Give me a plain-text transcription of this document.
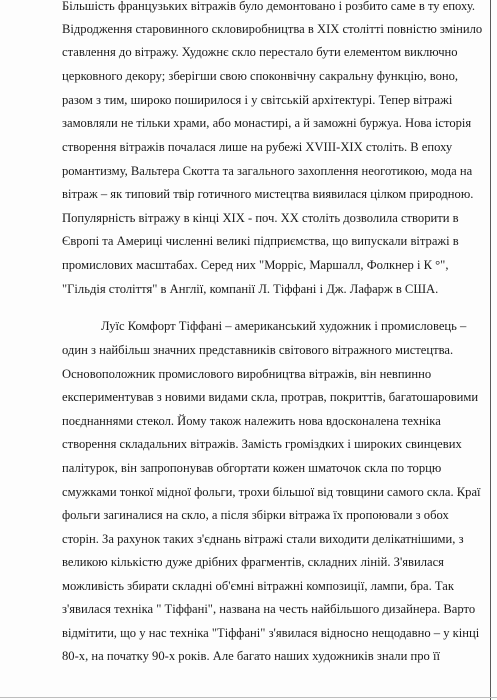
Більшість французьких вітражів було демонтовано і розбито саме в ту епоху.
Відродження старовинного скловиробництва в XIX столітті повністю змінило
ставлення до вітражу. Художнє скло перестало бути елементом виключно
церковного декору; зберігши свою споконвічну сакральну функцію, воно,
разом з тим, широко поширилося і у світській архітектурі. Тепер вітражі
замовляли не тільки храми, або монастирі, а й заможні буржуа. Нова історія
створення вітражів почалася лише на рубежі XVIII-XIX століть. В епоху
романтизму, Вальтера Скотта та загального захоплення неоготикою, мода на
вітраж – як типовий твір готичного мистецтва виявилася цілком природною.
Популярність вітражу в кінці XIX - поч. XX століть дозволила створити в
Європі та Америці численні великі підприємства, що випускали вітражі в
промислових масштабах. Серед них "Морріс, Маршалл, Фолкнер і К °",
"Гільдія століття" в Англії, компанії Л. Тіффані і Дж. Лафарж в США.
Луїс Комфорт Тіффані – американський художник і промисловець –
один з найбільш значних представників світового вітражного мистецтва.
Основоположник промислового виробництва вітражів, він невпинно
експериментував з новими видами скла, протрав, покриттів, багатошаровими
поєднаннями стекол. Йому також належить нова вдосконалена техніка
створення складальних вітражів. Замість громіздких і широких свинцевих
палітурок, він запропонував обгортати кожен шматочок скла по торцю
смужками тонкої мідної фольги, трохи більшої від товщини самого скла. Краї
фольги загиналися на скло, а після збірки вітража їх пропоювали з обох
сторін. За рахунок таких з'єднань вітражі стали виходити делікатнішими, з
великою кількістю дуже дрібних фрагментів, складних ліній. З'явилася
можливість збирати складні об'ємні вітражні композиції, лампи, бра. Так
з'явилася техніка " Тіффані", названа на честь найбільшого дизайнера. Варто
відмітити, що у нас техніка "Тіффані" з'явилася відносно нещодавно – у кінці
80-х, на початку 90-х років. Але багато наших художників знали про її
